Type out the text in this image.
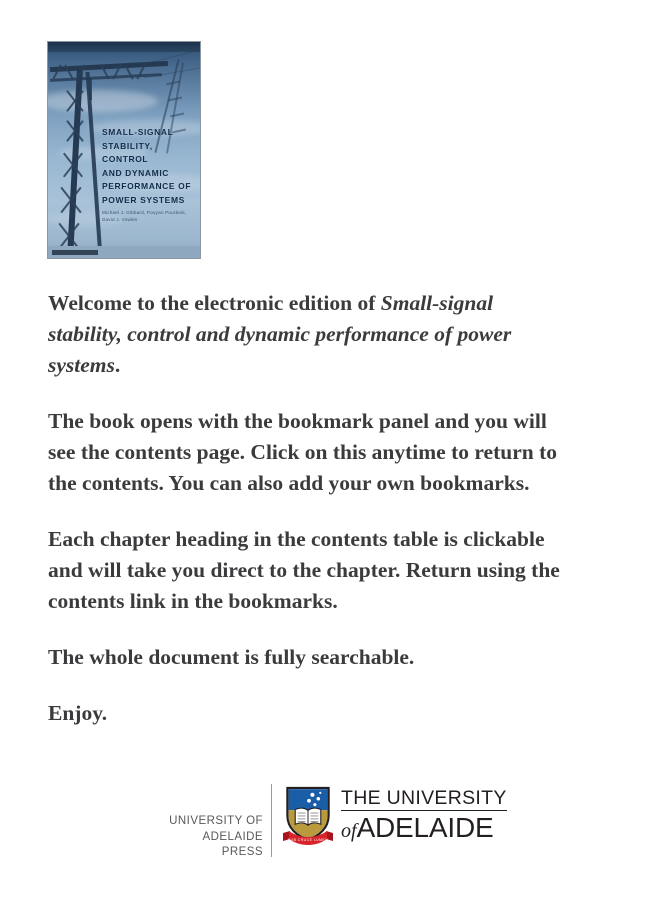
SMALL-SIGNAL
STABILITY,
CONTROL
AND DYNAMIC
PERFORMANCE OF
POWER SYSTEMS
Michael J. Gibbard, Pouyan Pourbeik, David J. Vowles

Welcome to the electronic edition of Small-signal stability, control and dynamic performance of power systems.

The book opens with the bookmark panel and you will see the contents page. Click on this anytime to return to the contents. You can also add your own bookmarks.

Each chapter heading in the contents table is clickable and will take you direct to the chapter. Return using the contents link in the bookmarks.

The whole document is fully searchable.

Enjoy.

UNIVERSITY OF
ADELAIDE PRESS
SUB CRUCE LUMEN
THE UNIVERSITY
ofADELAIDE
